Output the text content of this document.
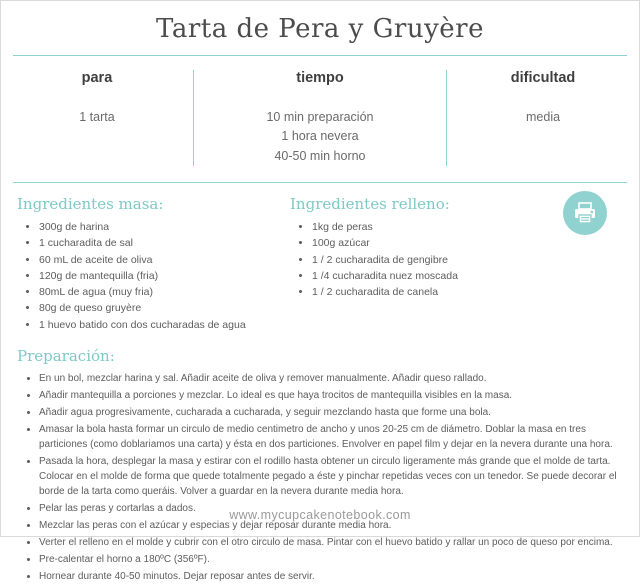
Tarta de Pera y Gruyère
para
1 tarta
tiempo
10 min preparación
1 hora nevera
40-50 min horno
dificultad
media
Ingredientes masa:
• 300g de harina
• 1 cucharadita de sal
• 60 mL de aceite de oliva
• 120g de mantequilla (fria)
• 80mL de agua (muy fria)
• 80g de queso gruyère
• 1 huevo batido con dos cucharadas de agua
Ingredientes relleno:
• 1kg de peras
• 100g azúcar
• 1 / 2 cucharadita de gengibre
• 1 /4 cucharadita nuez moscada
• 1 / 2 cucharadita de canela
Preparación:
• En un bol, mezclar harina y sal. Añadir aceite de oliva y remover manualmente. Añadir queso rallado.
• Añadir mantequilla a porciones y mezclar. Lo ideal es que haya trocitos de mantequilla visibles en la masa.
• Añadir agua progresivamente, cucharada a cucharada, y seguir mezclando hasta que forme una bola.
• Amasar la bola hasta formar un circulo de medio centimetro de ancho y unos 20-25 cm de diámetro. Doblar la masa en tres particiones (como doblariamos una carta) y ésta en dos particiones. Envolver en papel film y dejar en la nevera durante una hora.
• Pasada la hora, desplegar la masa y estirar con el rodillo hasta obtener un circulo ligeramente más grande que el molde de tarta. Colocar en el molde de forma que quede totalmente pegado a éste y pinchar repetidas veces con un tenedor. Se puede decorar el borde de la tarta como queráis. Volver a guardar en la nevera durante media hora.
• Pelar las peras y cortarlas a dados.
• Mezclar las peras con el azúcar y especias y dejar reposar durante media hora.
• Verter el relleno en el molde y cubrir con el otro circulo de masa. Pintar con el huevo batido y rallar un poco de queso por encima.
• Pre-calentar el horno a 180ºC (356ºF).
• Hornear durante 40-50 minutos. Dejar reposar antes de servir.
www.mycupcakenotebook.com
